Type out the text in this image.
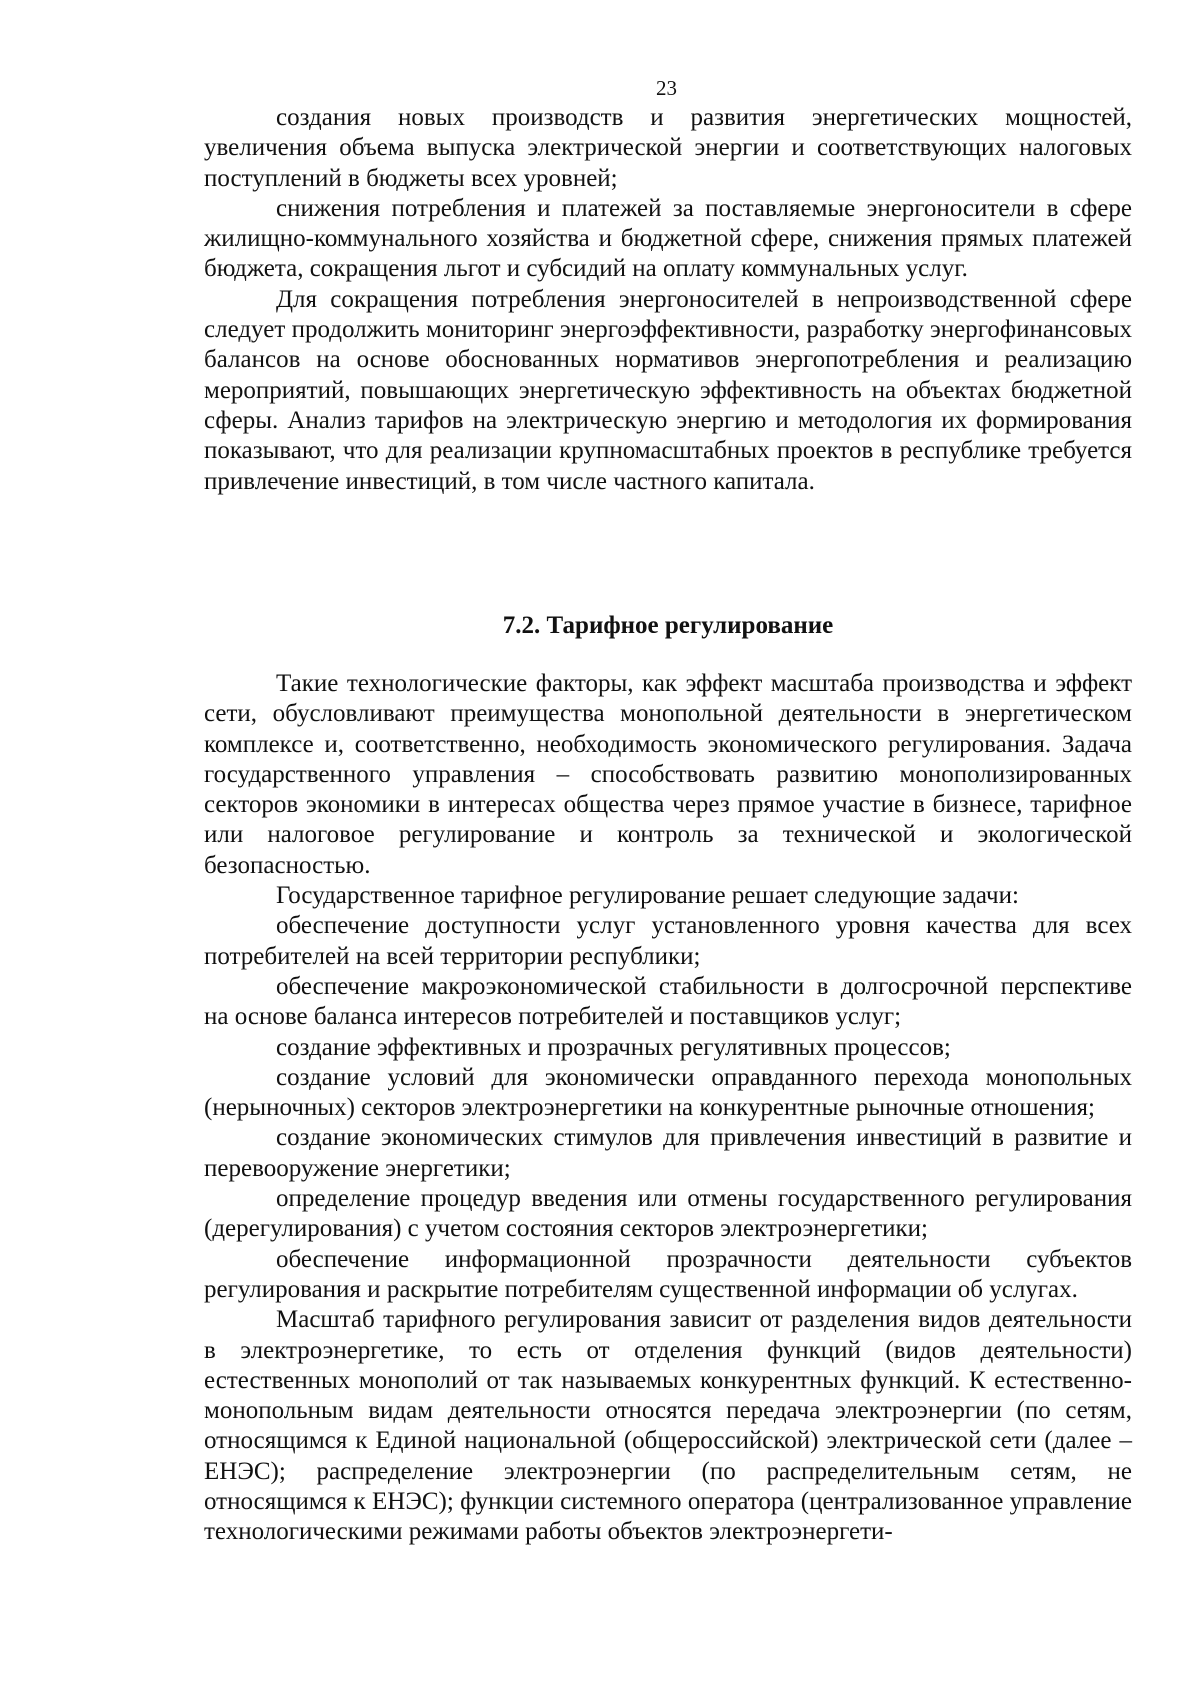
23

создания новых производств и развития энергетических мощностей, увеличения объема выпуска электрической энергии и соответствующих налоговых поступлений в бюджеты всех уровней;

снижения потребления и платежей за поставляемые энергоносители в сфере жилищно-коммунального хозяйства и бюджетной сфере, снижения прямых платежей бюджета, сокращения льгот и субсидий на оплату коммунальных услуг.

Для сокращения потребления энергоносителей в непроизводственной сфере следует продолжить мониторинг энергоэффективности, разработку энергофинансовых балансов на основе обоснованных нормативов энергопотребления и реализацию мероприятий, повышающих энергетическую эффективность на объектах бюджетной сферы. Анализ тарифов на электрическую энергию и методология их формирования показывают, что для реализации крупномасштабных проектов в республике требуется привлечение инвестиций, в том числе частного капитала.

7.2. Тарифное регулирование

Такие технологические факторы, как эффект масштаба производства и эффект сети, обусловливают преимущества монопольной деятельности в энергетическом комплексе и, соответственно, необходимость экономического регулирования. Задача государственного управления – способствовать развитию монополизированных секторов экономики в интересах общества через прямое участие в бизнесе, тарифное или налоговое регулирование и контроль за технической и экологической безопасностью.

Государственное тарифное регулирование решает следующие задачи:

обеспечение доступности услуг установленного уровня качества для всех потребителей на всей территории республики;

обеспечение макроэкономической стабильности в долгосрочной перспективе на основе баланса интересов потребителей и поставщиков услуг;

создание эффективных и прозрачных регулятивных процессов;

создание условий для экономически оправданного перехода монопольных (нерыночных) секторов электроэнергетики на конкурентные рыночные отношения;

создание экономических стимулов для привлечения инвестиций в развитие и перевооружение энергетики;

определение процедур введения или отмены государственного регулирования (дерегулирования) с учетом состояния секторов электроэнергетики;

обеспечение информационной прозрачности деятельности субъектов регулирования и раскрытие потребителям существенной информации об услугах.

Масштаб тарифного регулирования зависит от разделения видов деятельности в электроэнергетике, то есть от отделения функций (видов деятельности) естественных монополий от так называемых конкурентных функций. К естественно-монопольным видам деятельности относятся передача электроэнергии (по сетям, относящимся к Единой национальной (общероссийской) электрической сети (далее – ЕНЭС); распределение электроэнергии (по распределительным сетям, не относящимся к ЕНЭС); функции системного оператора (централизованное управление технологическими режимами работы объектов электроэнергети-
